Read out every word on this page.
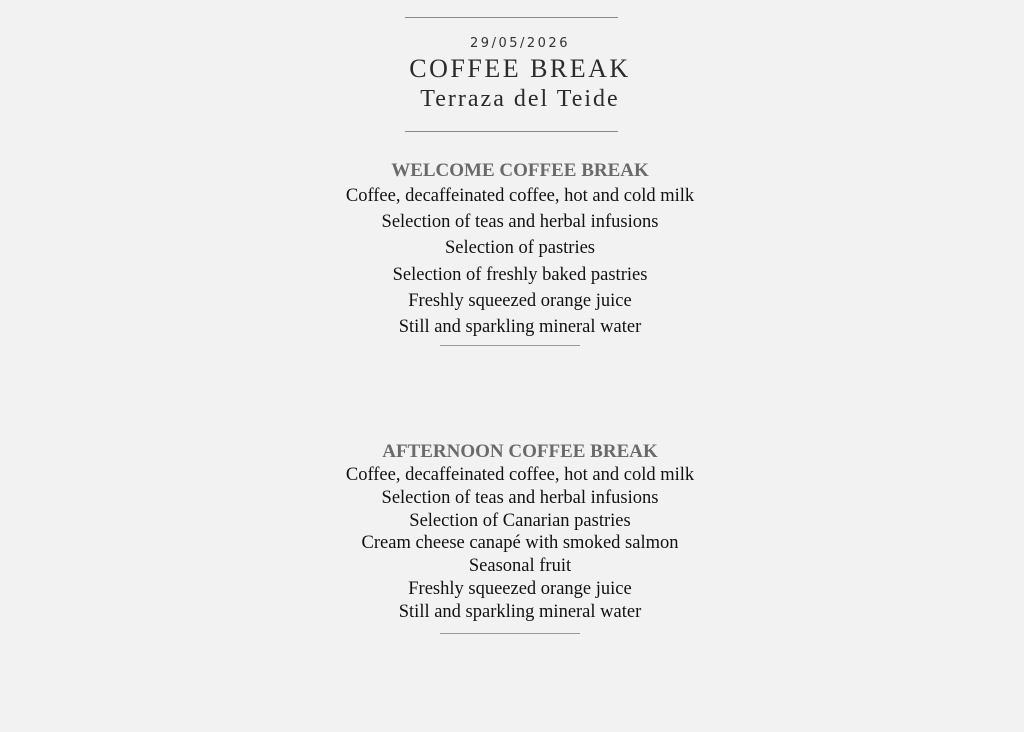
29/05/2026
COFFEE BREAK
Terraza del Teide
WELCOME COFFEE BREAK
Coffee, decaffeinated coffee, hot and cold milk
Selection of teas and herbal infusions
Selection of pastries
Selection of freshly baked pastries
Freshly squeezed orange juice
Still and sparkling mineral water
AFTERNOON COFFEE BREAK
Coffee, decaffeinated coffee, hot and cold milk
Selection of teas and herbal infusions
Selection of Canarian pastries
Cream cheese canapé with smoked salmon
Seasonal fruit
Freshly squeezed orange juice
Still and sparkling mineral water
